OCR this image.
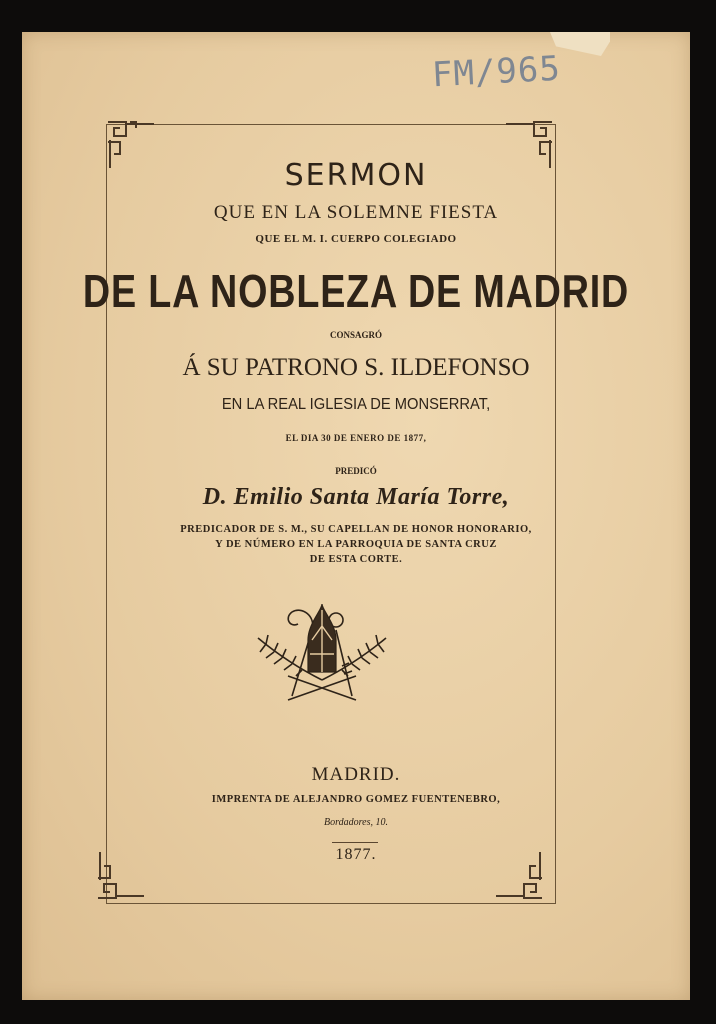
FM/965
SERMON
QUE EN LA SOLEMNE FIESTA
QUE EL M. I. CUERPO COLEGIADO
DE LA NOBLEZA DE MADRID
CONSAGRÓ
Á SU PATRONO S. ILDEFONSO
EN LA REAL IGLESIA DE MONSERRAT,
EL DIA 30 DE ENERO DE 1877,
PREDICÓ
D. Emilio Santa María Torre,
PREDICADOR DE S. M., SU CAPELLAN DE HONOR HONORARIO,
Y DE NÚMERO EN LA PARROQUIA DE SANTA CRUZ
DE ESTA CORTE.
MADRID.
IMPRENTA DE ALEJANDRO GOMEZ FUENTENEBRO,
Bordadores, 10.
1877.
